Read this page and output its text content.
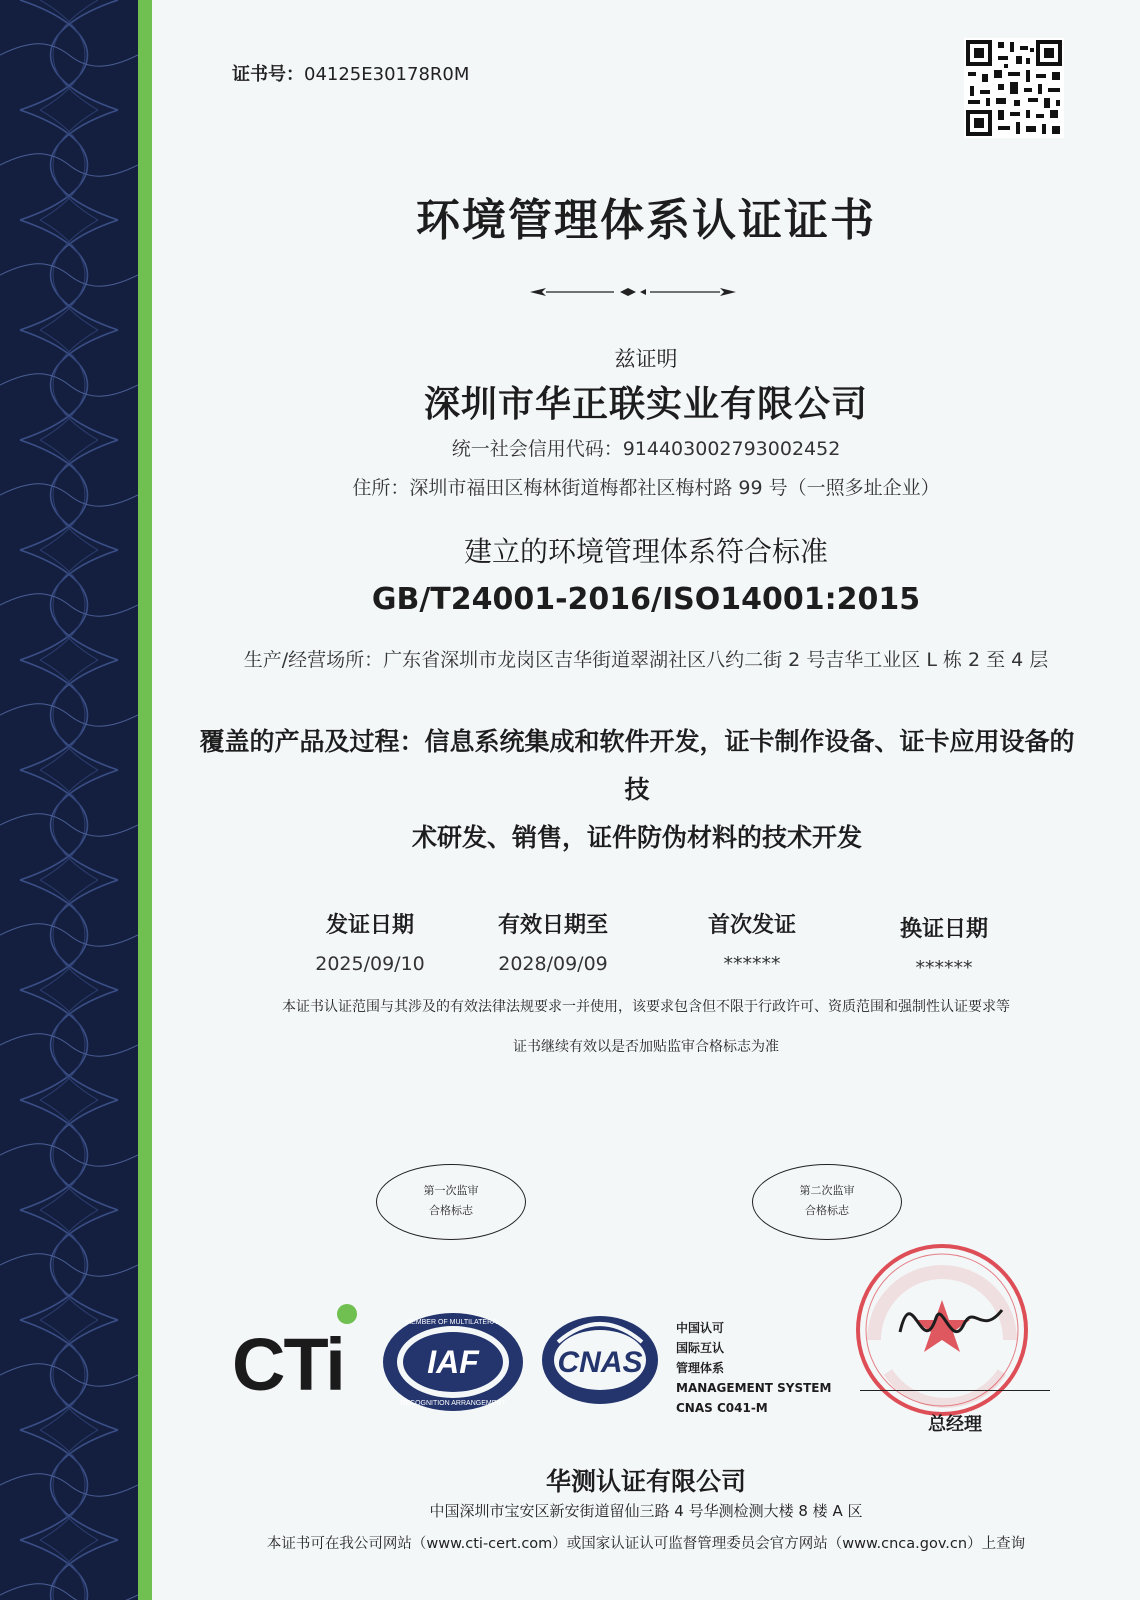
证书号：04125E30178R0M
环境管理体系认证证书
兹证明
深圳市华正联实业有限公司
统一社会信用代码：914403002793002452
住所：深圳市福田区梅林街道梅都社区梅村路 99 号（一照多址企业）
建立的环境管理体系符合标准
GB/T24001-2016/ISO14001:2015
生产/经营场所：广东省深圳市龙岗区吉华街道翠湖社区八约二街 2 号吉华工业区 L 栋 2 至 4 层
覆盖的产品及过程：信息系统集成和软件开发，证卡制作设备、证卡应用设备的技
术研发、销售，证件防伪材料的技术开发
发证日期
2025/09/10
有效日期至
2028/09/09
首次发证
******
换证日期
******
本证书认证范围与其涉及的有效法律法规要求一并使用，该要求包含但不限于行政许可、资质范围和强制性认证要求等
证书继续有效以是否加贴监审合格标志为准
第一次监审
合格标志
第二次监审
合格标志
CTi	IAF
MEMBER OF MULTILATERAL
RECOGNITION ARRANGEMENT
CNAS
中国认可
国际互认
管理体系
MANAGEMENT SYSTEM
CNAS C041-M
总经理
华测认证有限公司
中国深圳市宝安区新安街道留仙三路 4 号华测检测大楼 8 楼 A 区
本证书可在我公司网站（www.cti-cert.com）或国家认证认可监督管理委员会官方网站（www.cnca.gov.cn）上查询
